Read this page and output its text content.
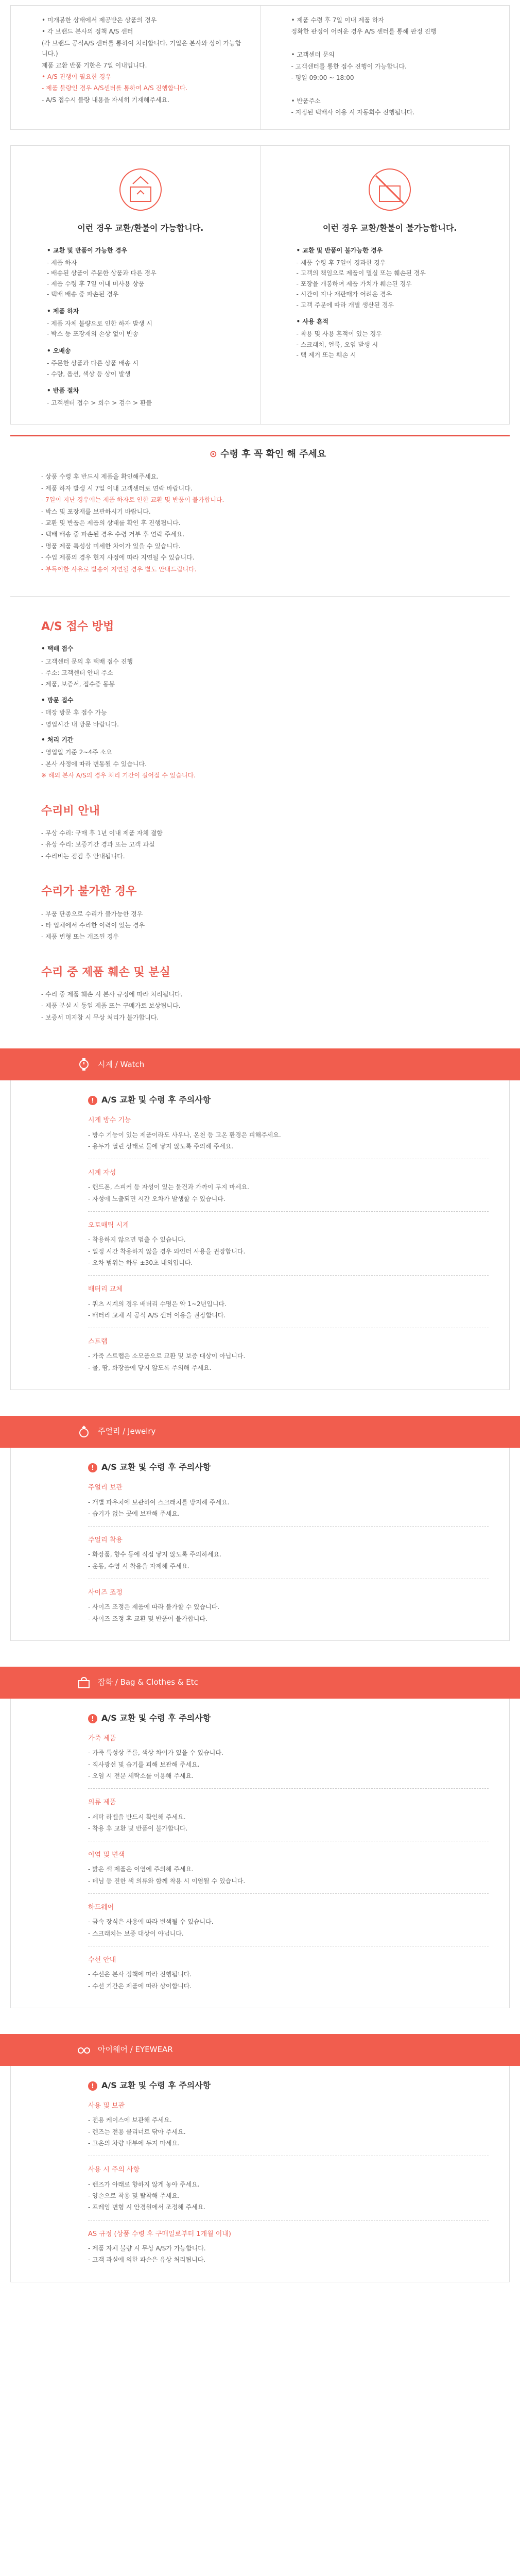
• 미개봉한 상태에서 제공받은 상품의 경우

• 각 브랜드 본사의 정책 A/S 센터

(각 브랜드 공식A/S 센터를 통하여 처리합니다. 기일은 본사와 상이 가능합니다.)

제품 교환 반품 기한은 7일 이내입니다.

• A/S 진행이 필요한 경우

- 제품 불량인 경우 A/S센터를 통하여 A/S 진행합니다.

- A/S 접수시 불량 내용을 자세히 기재해주세요.

• 제품 수령 후 7일 이내 제품 하자

정확한 판정이 어려운 경우 A/S 센터를 통해 판정 진행

• 고객센터 문의

- 고객센터를 통한 접수 진행이 가능합니다.

- 평일 09:00 ~ 18:00

• 반품주소

- 지정된 택배사 이용 시 자동회수 진행됩니다.

이런 경우 교환/환불이 가능합니다.
• 교환 및 반품이 가능한 경우

- 제품 하자

- 배송된 상품이 주문한 상품과 다른 경우

- 제품 수령 후 7일 이내 미사용 상품

- 택배 배송 중 파손된 경우

• 제품 하자

- 제품 자체 불량으로 인한 하자 발생 시

- 박스 등 포장재의 손상 없이 반송

• 오배송

- 주문한 상품과 다른 상품 배송 시

- 수량, 옵션, 색상 등 상이 발생

• 반품 절차

- 고객센터 접수 > 회수 > 검수 > 환불

이런 경우 교환/환불이 불가능합니다.
• 교환 및 반품이 불가능한 경우

- 제품 수령 후 7일이 경과한 경우

- 고객의 책임으로 제품이 멸실 또는 훼손된 경우

- 포장을 개봉하여 제품 가치가 훼손된 경우

- 시간이 지나 재판매가 어려운 경우

- 고객 주문에 따라 개별 생산된 경우

• 사용 흔적

- 착용 및 사용 흔적이 있는 경우

- 스크래치, 얼룩, 오염 발생 시

- 택 제거 또는 훼손 시

⊙ 수령 후 꼭 확인 해 주세요

- 상품 수령 후 반드시 제품을 확인해주세요.

- 제품 하자 발생 시 7일 이내 고객센터로 연락 바랍니다.

- 7일이 지난 경우에는 제품 하자로 인한 교환 및 반품이 불가합니다.

- 박스 및 포장재를 보관하시기 바랍니다.

- 교환 및 반품은 제품의 상태를 확인 후 진행됩니다.

- 택배 배송 중 파손된 경우 수령 거부 후 연락 주세요.

- 명품 제품 특성상 미세한 차이가 있을 수 있습니다.

- 수입 제품의 경우 현지 사정에 따라 지연될 수 있습니다.

- 부득이한 사유로 발송이 지연될 경우 별도 안내드립니다.

A/S 접수 방법
• 택배 접수

- 고객센터 문의 후 택배 접수 진행

- 주소: 고객센터 안내 주소

- 제품, 보증서, 접수증 동봉

• 방문 접수

- 매장 방문 후 접수 가능

- 영업시간 내 방문 바랍니다.

• 처리 기간

- 영업일 기준 2~4주 소요

- 본사 사정에 따라 변동될 수 있습니다.

※ 해외 본사 A/S의 경우 처리 기간이 길어질 수 있습니다.

수리비 안내

- 무상 수리: 구매 후 1년 이내 제품 자체 결함

- 유상 수리: 보증기간 경과 또는 고객 과실

- 수리비는 점검 후 안내됩니다.

수리가 불가한 경우

- 부품 단종으로 수리가 불가능한 경우

- 타 업체에서 수리한 이력이 있는 경우

- 제품 변형 또는 개조된 경우

수리 중 제품 훼손 및 분실

- 수리 중 제품 훼손 시 본사 규정에 따라 처리됩니다.

- 제품 분실 시 동일 제품 또는 구매가로 보상됩니다.

- 보증서 미지참 시 무상 처리가 불가합니다.

시계 / Watch
! A/S 교환 및 수령 후 주의사항
시계 방수 기능

- 방수 기능이 있는 제품이라도 사우나, 온천 등 고온 환경은 피해주세요.

- 용두가 열린 상태로 물에 닿지 않도록 주의해 주세요.

시계 자성

- 핸드폰, 스피커 등 자성이 있는 물건과 가까이 두지 마세요.

- 자성에 노출되면 시간 오차가 발생할 수 있습니다.

오토매틱 시계

- 착용하지 않으면 멈출 수 있습니다.

- 일정 시간 착용하지 않을 경우 와인더 사용을 권장합니다.

- 오차 범위는 하루 ±30초 내외입니다.

배터리 교체

- 쿼츠 시계의 경우 배터리 수명은 약 1~2년입니다.

- 배터리 교체 시 공식 A/S 센터 이용을 권장합니다.

스트랩

- 가죽 스트랩은 소모품으로 교환 및 보증 대상이 아닙니다.

- 물, 땀, 화장품에 닿지 않도록 주의해 주세요.

주얼리 / Jewelry
! A/S 교환 및 수령 후 주의사항
주얼리 보관

- 개별 파우치에 보관하여 스크래치를 방지해 주세요.

- 습기가 없는 곳에 보관해 주세요.

주얼리 착용

- 화장품, 향수 등에 직접 닿지 않도록 주의하세요.

- 운동, 수영 시 착용을 자제해 주세요.

사이즈 조정

- 사이즈 조정은 제품에 따라 불가할 수 있습니다.

- 사이즈 조정 후 교환 및 반품이 불가합니다.

잡화 / Bag & Clothes & Etc
! A/S 교환 및 수령 후 주의사항
가죽 제품

- 가죽 특성상 주름, 색상 차이가 있을 수 있습니다.

- 직사광선 및 습기를 피해 보관해 주세요.

- 오염 시 전문 세탁소를 이용해 주세요.

의류 제품

- 세탁 라벨을 반드시 확인해 주세요.

- 착용 후 교환 및 반품이 불가합니다.

이염 및 변색

- 밝은 색 제품은 이염에 주의해 주세요.

- 데님 등 진한 색 의류와 함께 착용 시 이염될 수 있습니다.

하드웨어

- 금속 장식은 사용에 따라 변색될 수 있습니다.

- 스크래치는 보증 대상이 아닙니다.

수선 안내

- 수선은 본사 정책에 따라 진행됩니다.

- 수선 기간은 제품에 따라 상이합니다.

아이웨어 / EYEWEAR
! A/S 교환 및 수령 후 주의사항
사용 및 보관

- 전용 케이스에 보관해 주세요.

- 렌즈는 전용 클리너로 닦아 주세요.

- 고온의 차량 내부에 두지 마세요.

사용 시 주의 사항

- 렌즈가 아래로 향하지 않게 놓아 주세요.

- 양손으로 착용 및 탈착해 주세요.

- 프레임 변형 시 안경원에서 조정해 주세요.

AS 규정 (상품 수령 후 구매일로부터 1개월 이내)

- 제품 자체 불량 시 무상 A/S가 가능합니다.

- 고객 과실에 의한 파손은 유상 처리됩니다.
